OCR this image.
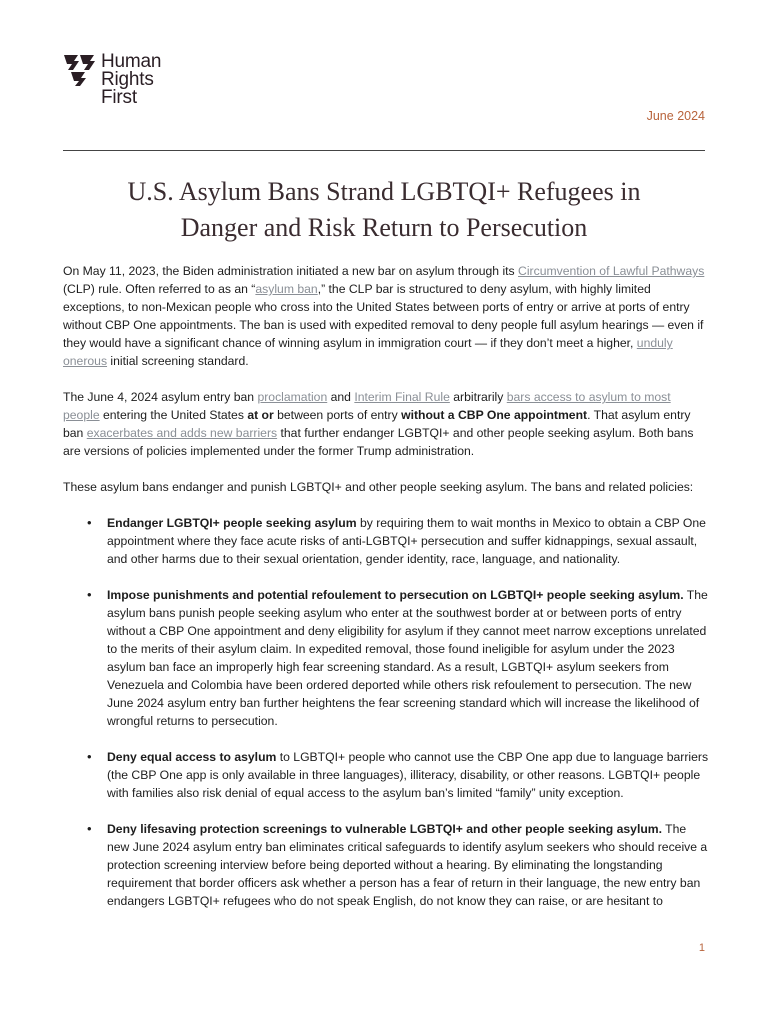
Human
Rights
First
June 2024
U.S. Asylum Bans Strand LGBTQI+ Refugees in
Danger and Risk Return to Persecution

On May 11, 2023, the Biden administration initiated a new bar on asylum through its Circumvention of Lawful Pathways (CLP) rule. Often referred to as an “asylum ban,” the CLP bar is structured to deny asylum, with highly limited exceptions, to non-Mexican people who cross into the United States between ports of entry or arrive at ports of entry without CBP One appointments. The ban is used with expedited removal to deny people full asylum hearings — even if they would have a significant chance of winning asylum in immigration court — if they don’t meet a higher, unduly onerous initial screening standard.

The June 4, 2024 asylum entry ban proclamation and Interim Final Rule arbitrarily bars access to asylum to most people entering the United States at or between ports of entry without a CBP One appointment. That asylum entry ban exacerbates and adds new barriers that further endanger LGBTQI+ and other people seeking asylum. Both bans are versions of policies implemented under the former Trump administration.

These asylum bans endanger and punish LGBTQI+ and other people seeking asylum. The bans and related policies:

• Endanger LGBTQI+ people seeking asylum by requiring them to wait months in Mexico to obtain a CBP One appointment where they face acute risks of anti-LGBTQI+ persecution and suffer kidnappings, sexual assault, and other harms due to their sexual orientation, gender identity, race, language, and nationality.
• Impose punishments and potential refoulement to persecution on LGBTQI+ people seeking asylum. The asylum bans punish people seeking asylum who enter at the southwest border at or between ports of entry without a CBP One appointment and deny eligibility for asylum if they cannot meet narrow exceptions unrelated to the merits of their asylum claim. In expedited removal, those found ineligible for asylum under the 2023 asylum ban face an improperly high fear screening standard. As a result, LGBTQI+ asylum seekers from Venezuela and Colombia have been ordered deported while others risk refoulement to persecution. The new June 2024 asylum entry ban further heightens the fear screening standard which will increase the likelihood of wrongful returns to persecution.
• Deny equal access to asylum to LGBTQI+ people who cannot use the CBP One app due to language barriers (the CBP One app is only available in three languages), illiteracy, disability, or other reasons. LGBTQI+ people with families also risk denial of equal access to the asylum ban’s limited “family” unity exception.
• Deny lifesaving protection screenings to vulnerable LGBTQI+ and other people seeking asylum. The new June 2024 asylum entry ban eliminates critical safeguards to identify asylum seekers who should receive a protection screening interview before being deported without a hearing. By eliminating the longstanding requirement that border officers ask whether a person has a fear of return in their language, the new entry ban endangers LGBTQI+ refugees who do not speak English, do not know they can raise, or are hesitant to
1
